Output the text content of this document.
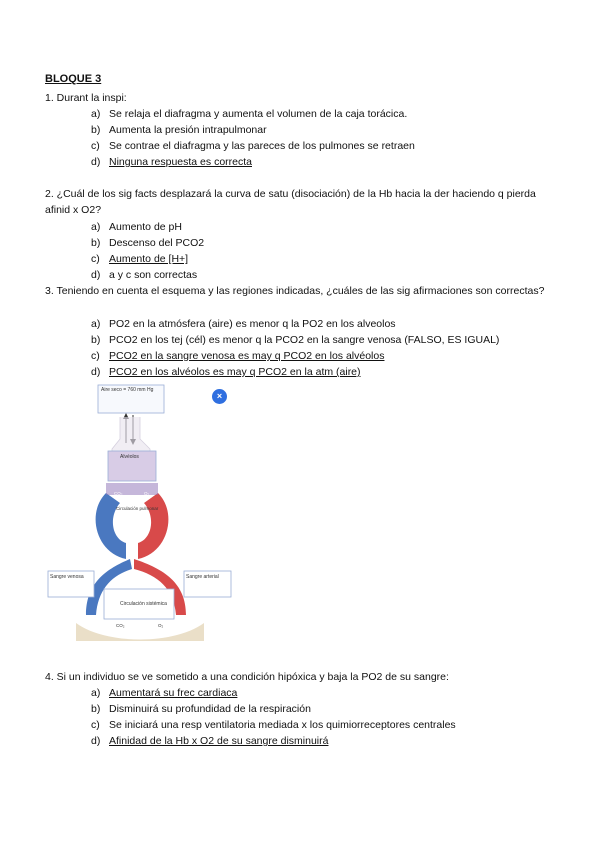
BLOQUE 3
1. Durant la inspi:
a) Se relaja el diafragma y aumenta el volumen de la caja torácica.
b) Aumenta la presión intrapulmonar
c) Se contrae el diafragma y las pareces de los pulmones se retraen
d) Ninguna respuesta es correcta
2. ¿Cuál de los sig facts desplazará la curva de satu (disociación) de la Hb hacia la der haciendo q pierda afinid x O2?
a) Aumento de pH
b) Descenso del PCO2
c) Aumento de [H+]
d) a y c son correctas
3. Teniendo en cuenta el esquema y las regiones indicadas, ¿cuáles de las sig afirmaciones son correctas?
a) PO2 en la atmósfera (aire) es menor q la PO2 en los alveolos
b) PCO2 en los tej (cél) es menor q la PCO2 en la sangre venosa (FALSO, ES IGUAL)
c) PCO2 en la sangre venosa es may q PCO2 en los alvéolos
d) PCO2 en los alvéolos es may q PCO2 en la atm (aire)
Aire seco = 760 mm Hg
Alvéolos
CO₂	O₂
Circulación pulmonar
Sangre venosa	Sangre arterial
Circulación sistémica
CO₂	O₂
×
4. Si un individuo se ve sometido a una condición hipóxica y baja la PO2 de su sangre:
a) Aumentará su frec cardiaca
b) Disminuirá su profundidad de la respiración
c) Se iniciará una resp ventilatoria mediada x los quimiorreceptores centrales
d) Afinidad de la Hb x O2 de su sangre disminuirá
